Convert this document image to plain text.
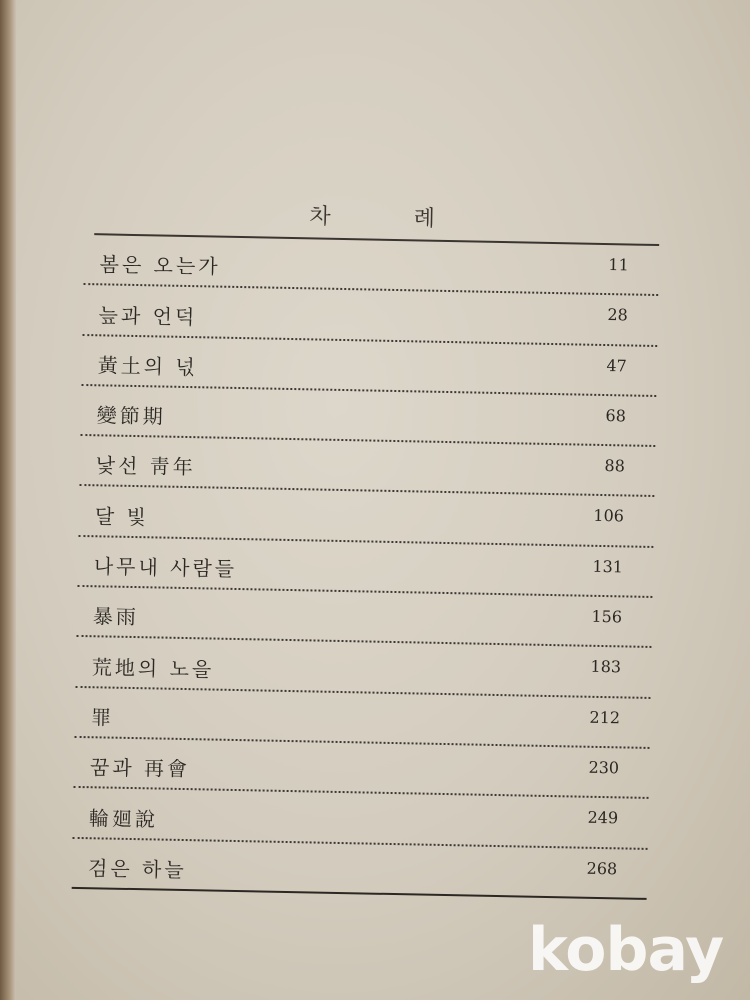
차 례
봄은 오는가	11
늪과 언덕	28
黃土의 넋	47
變節期	68
낯선 靑年	88
달 빛	106
나무내 사람들	131
暴雨	156
荒地의 노을	183
罪	212
꿈과 再會	230
輪廻說	249
검은 하늘	268
kobay
